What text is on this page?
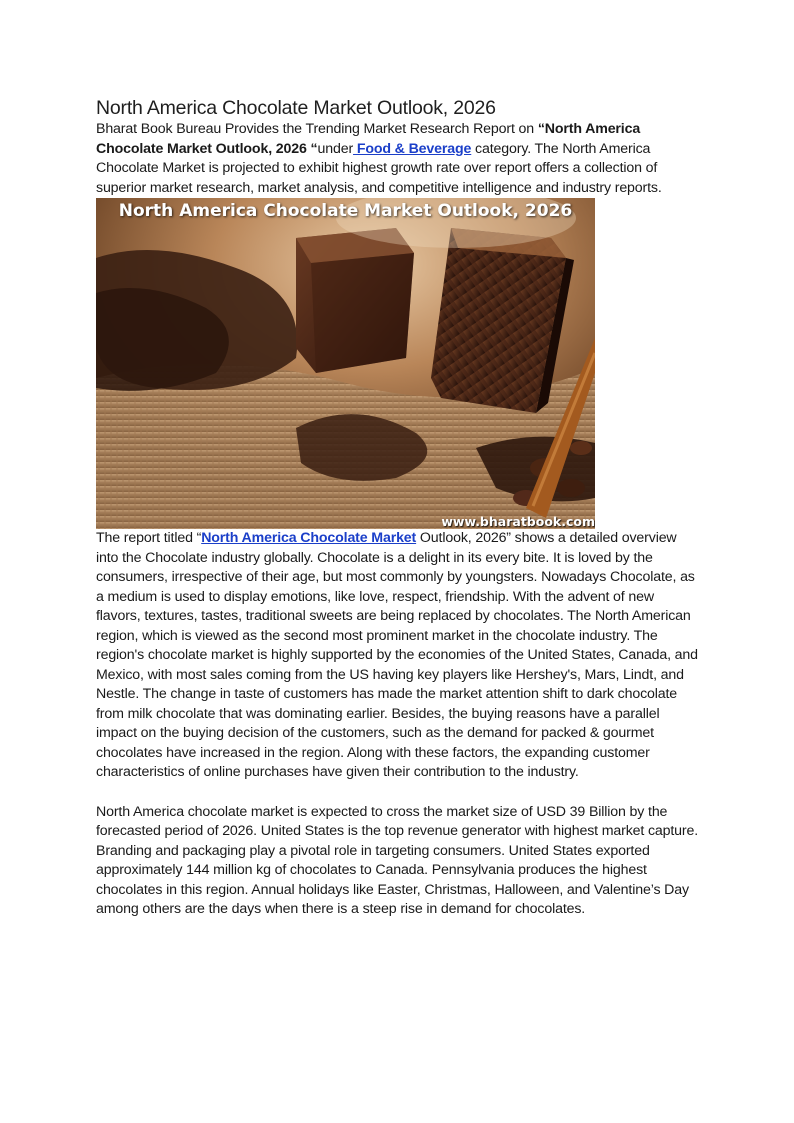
North America Chocolate Market Outlook, 2026

Bharat Book Bureau Provides the Trending Market Research Report on “North America Chocolate Market Outlook, 2026 “under Food & Beverage category. The North America Chocolate Market is projected to exhibit highest growth rate over report offers a collection of superior market research, market analysis, and competitive intelligence and industry reports.

North America Chocolate Market Outlook, 2026
www.bharatbook.com

The report titled “North America Chocolate Market Outlook, 2026” shows a detailed overview into the Chocolate industry globally. Chocolate is a delight in its every bite. It is loved by the consumers, irrespective of their age, but most commonly by youngsters. Nowadays Chocolate, as a medium is used to display emotions, like love, respect, friendship. With the advent of new flavors, textures, tastes, traditional sweets are being replaced by chocolates. The North American region, which is viewed as the second most prominent market in the chocolate industry. The region's chocolate market is highly supported by the economies of the United States, Canada, and Mexico, with most sales coming from the US having key players like Hershey's, Mars, Lindt, and Nestle. The change in taste of customers has made the market attention shift to dark chocolate from milk chocolate that was dominating earlier. Besides, the buying reasons have a parallel impact on the buying decision of the customers, such as the demand for packed & gourmet chocolates have increased in the region. Along with these factors, the expanding customer characteristics of online purchases have given their contribution to the industry.

North America chocolate market is expected to cross the market size of USD 39 Billion by the forecasted period of 2026. United States is the top revenue generator with highest market capture. Branding and packaging play a pivotal role in targeting consumers. United States exported approximately 144 million kg of chocolates to Canada. Pennsylvania produces the highest chocolates in this region. Annual holidays like Easter, Christmas, Halloween, and Valentine’s Day among others are the days when there is a steep rise in demand for chocolates.
